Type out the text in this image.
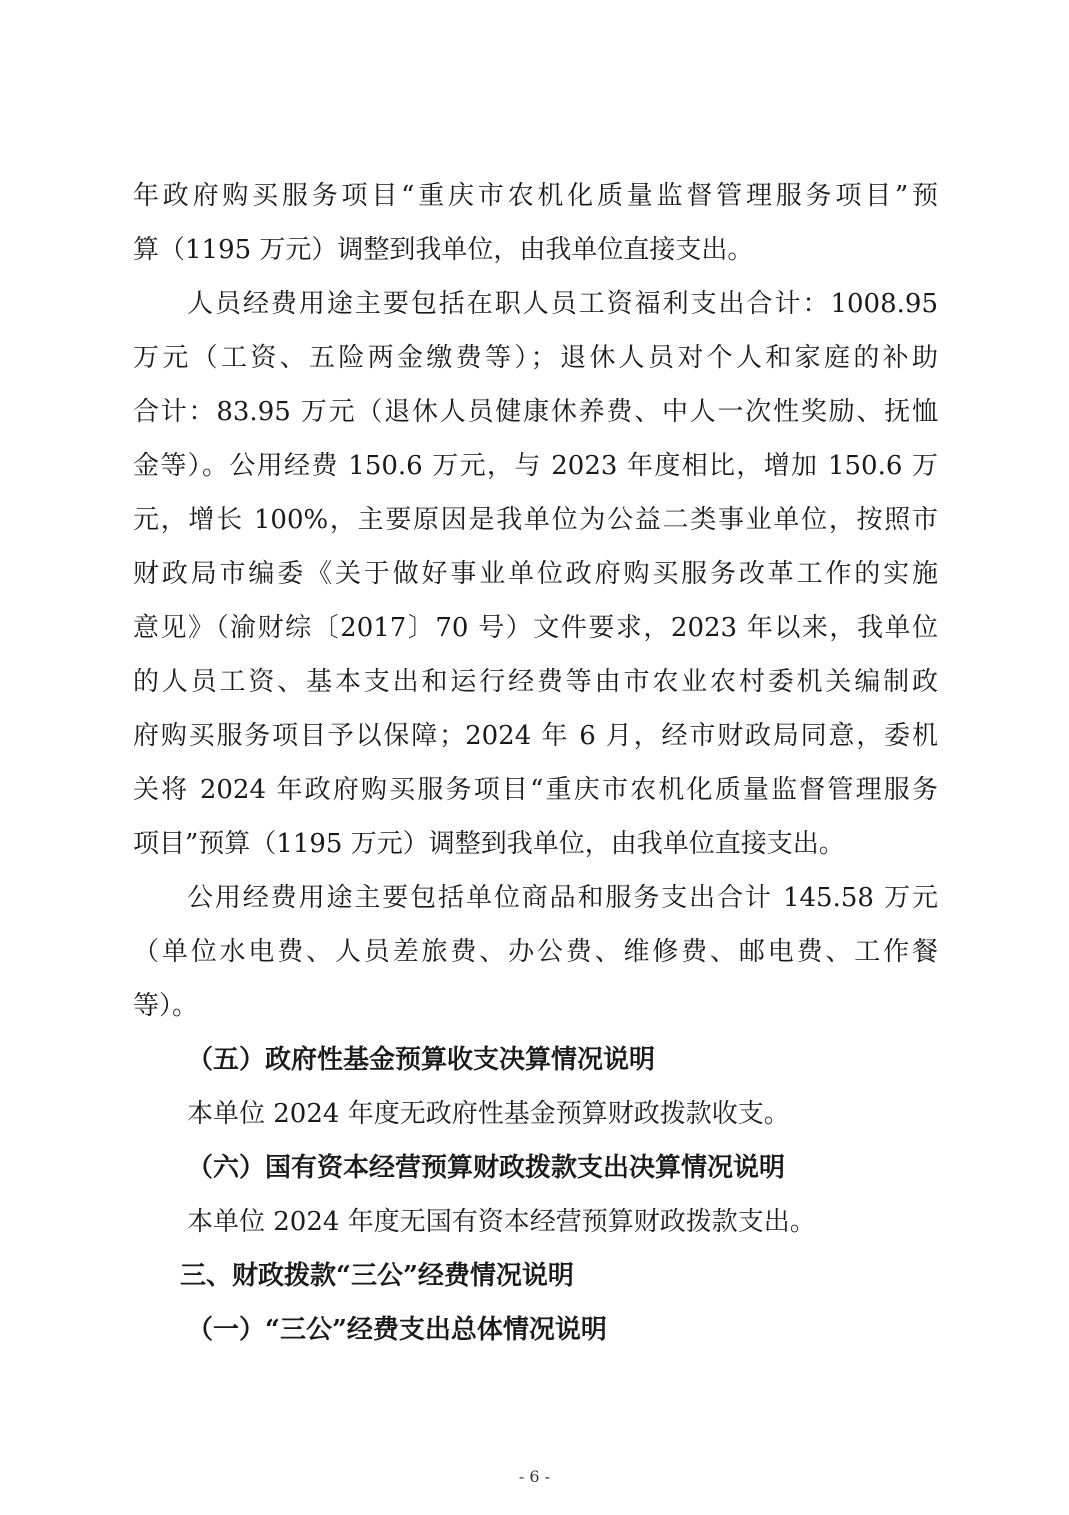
年政府购买服务项目“重庆市农机化质量监督管理服务项目”预
算（1195 万元）调整到我单位，由我单位直接支出。
人员经费用途主要包括在职人员工资福利支出合计：1008.95
万元（工资、五险两金缴费等）；退休人员对个人和家庭的补助
合计：83.95 万元（退休人员健康休养费、中人一次性奖励、抚恤
金等）。公用经费 150.6 万元，与 2023 年度相比，增加 150.6 万
元，增长 100%，主要原因是我单位为公益二类事业单位，按照市
财政局市编委《关于做好事业单位政府购买服务改革工作的实施
意见》（渝财综〔2017〕70 号）文件要求，2023 年以来，我单位
的人员工资、基本支出和运行经费等由市农业农村委机关编制政
府购买服务项目予以保障；2024 年 6 月，经市财政局同意，委机
关将 2024 年政府购买服务项目“重庆市农机化质量监督管理服务
项目”预算（1195 万元）调整到我单位，由我单位直接支出。
公用经费用途主要包括单位商品和服务支出合计 145.58 万元
（单位水电费、人员差旅费、办公费、维修费、邮电费、工作餐
等）。
（五）政府性基金预算收支决算情况说明
本单位 2024 年度无政府性基金预算财政拨款收支。
（六）国有资本经营预算财政拨款支出决算情况说明
本单位 2024 年度无国有资本经营预算财政拨款支出。
三、财政拨款“三公”经费情况说明
（一）“三公”经费支出总体情况说明
- 6 -
